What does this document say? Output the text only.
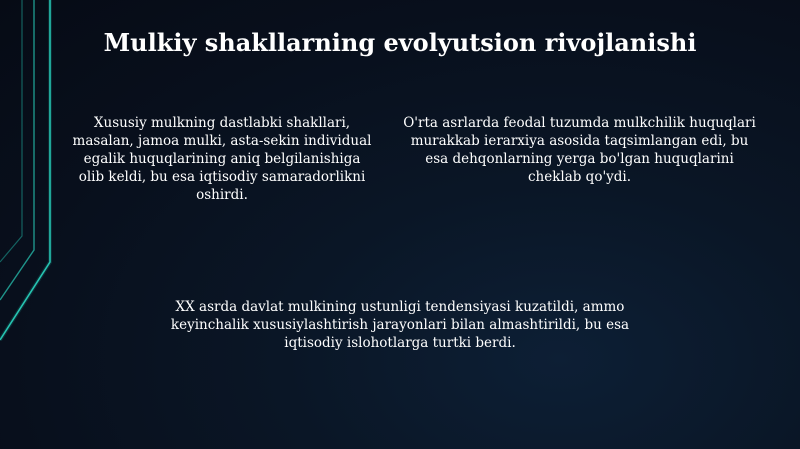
Mulkiy shakllarning evolyutsion rivojlanishi
Xususiy mulkning dastlabki shakllari, masalan, jamoa mulki, asta-sekin individual egalik huquqlarining aniq belgilanishiga olib keldi, bu esa iqtisodiy samaradorlikni oshirdi.
O'rta asrlarda feodal tuzumda mulkchilik huquqlari murakkab ierarxiya asosida taqsimlangan edi, bu esa dehqonlarning yerga bo'lgan huquqlarini cheklab qo'ydi.
XX asrda davlat mulkining ustunligi tendensiyasi kuzatildi, ammo keyinchalik xususiylashtirish jarayonlari bilan almashtirildi, bu esa iqtisodiy islohotlarga turtki berdi.
